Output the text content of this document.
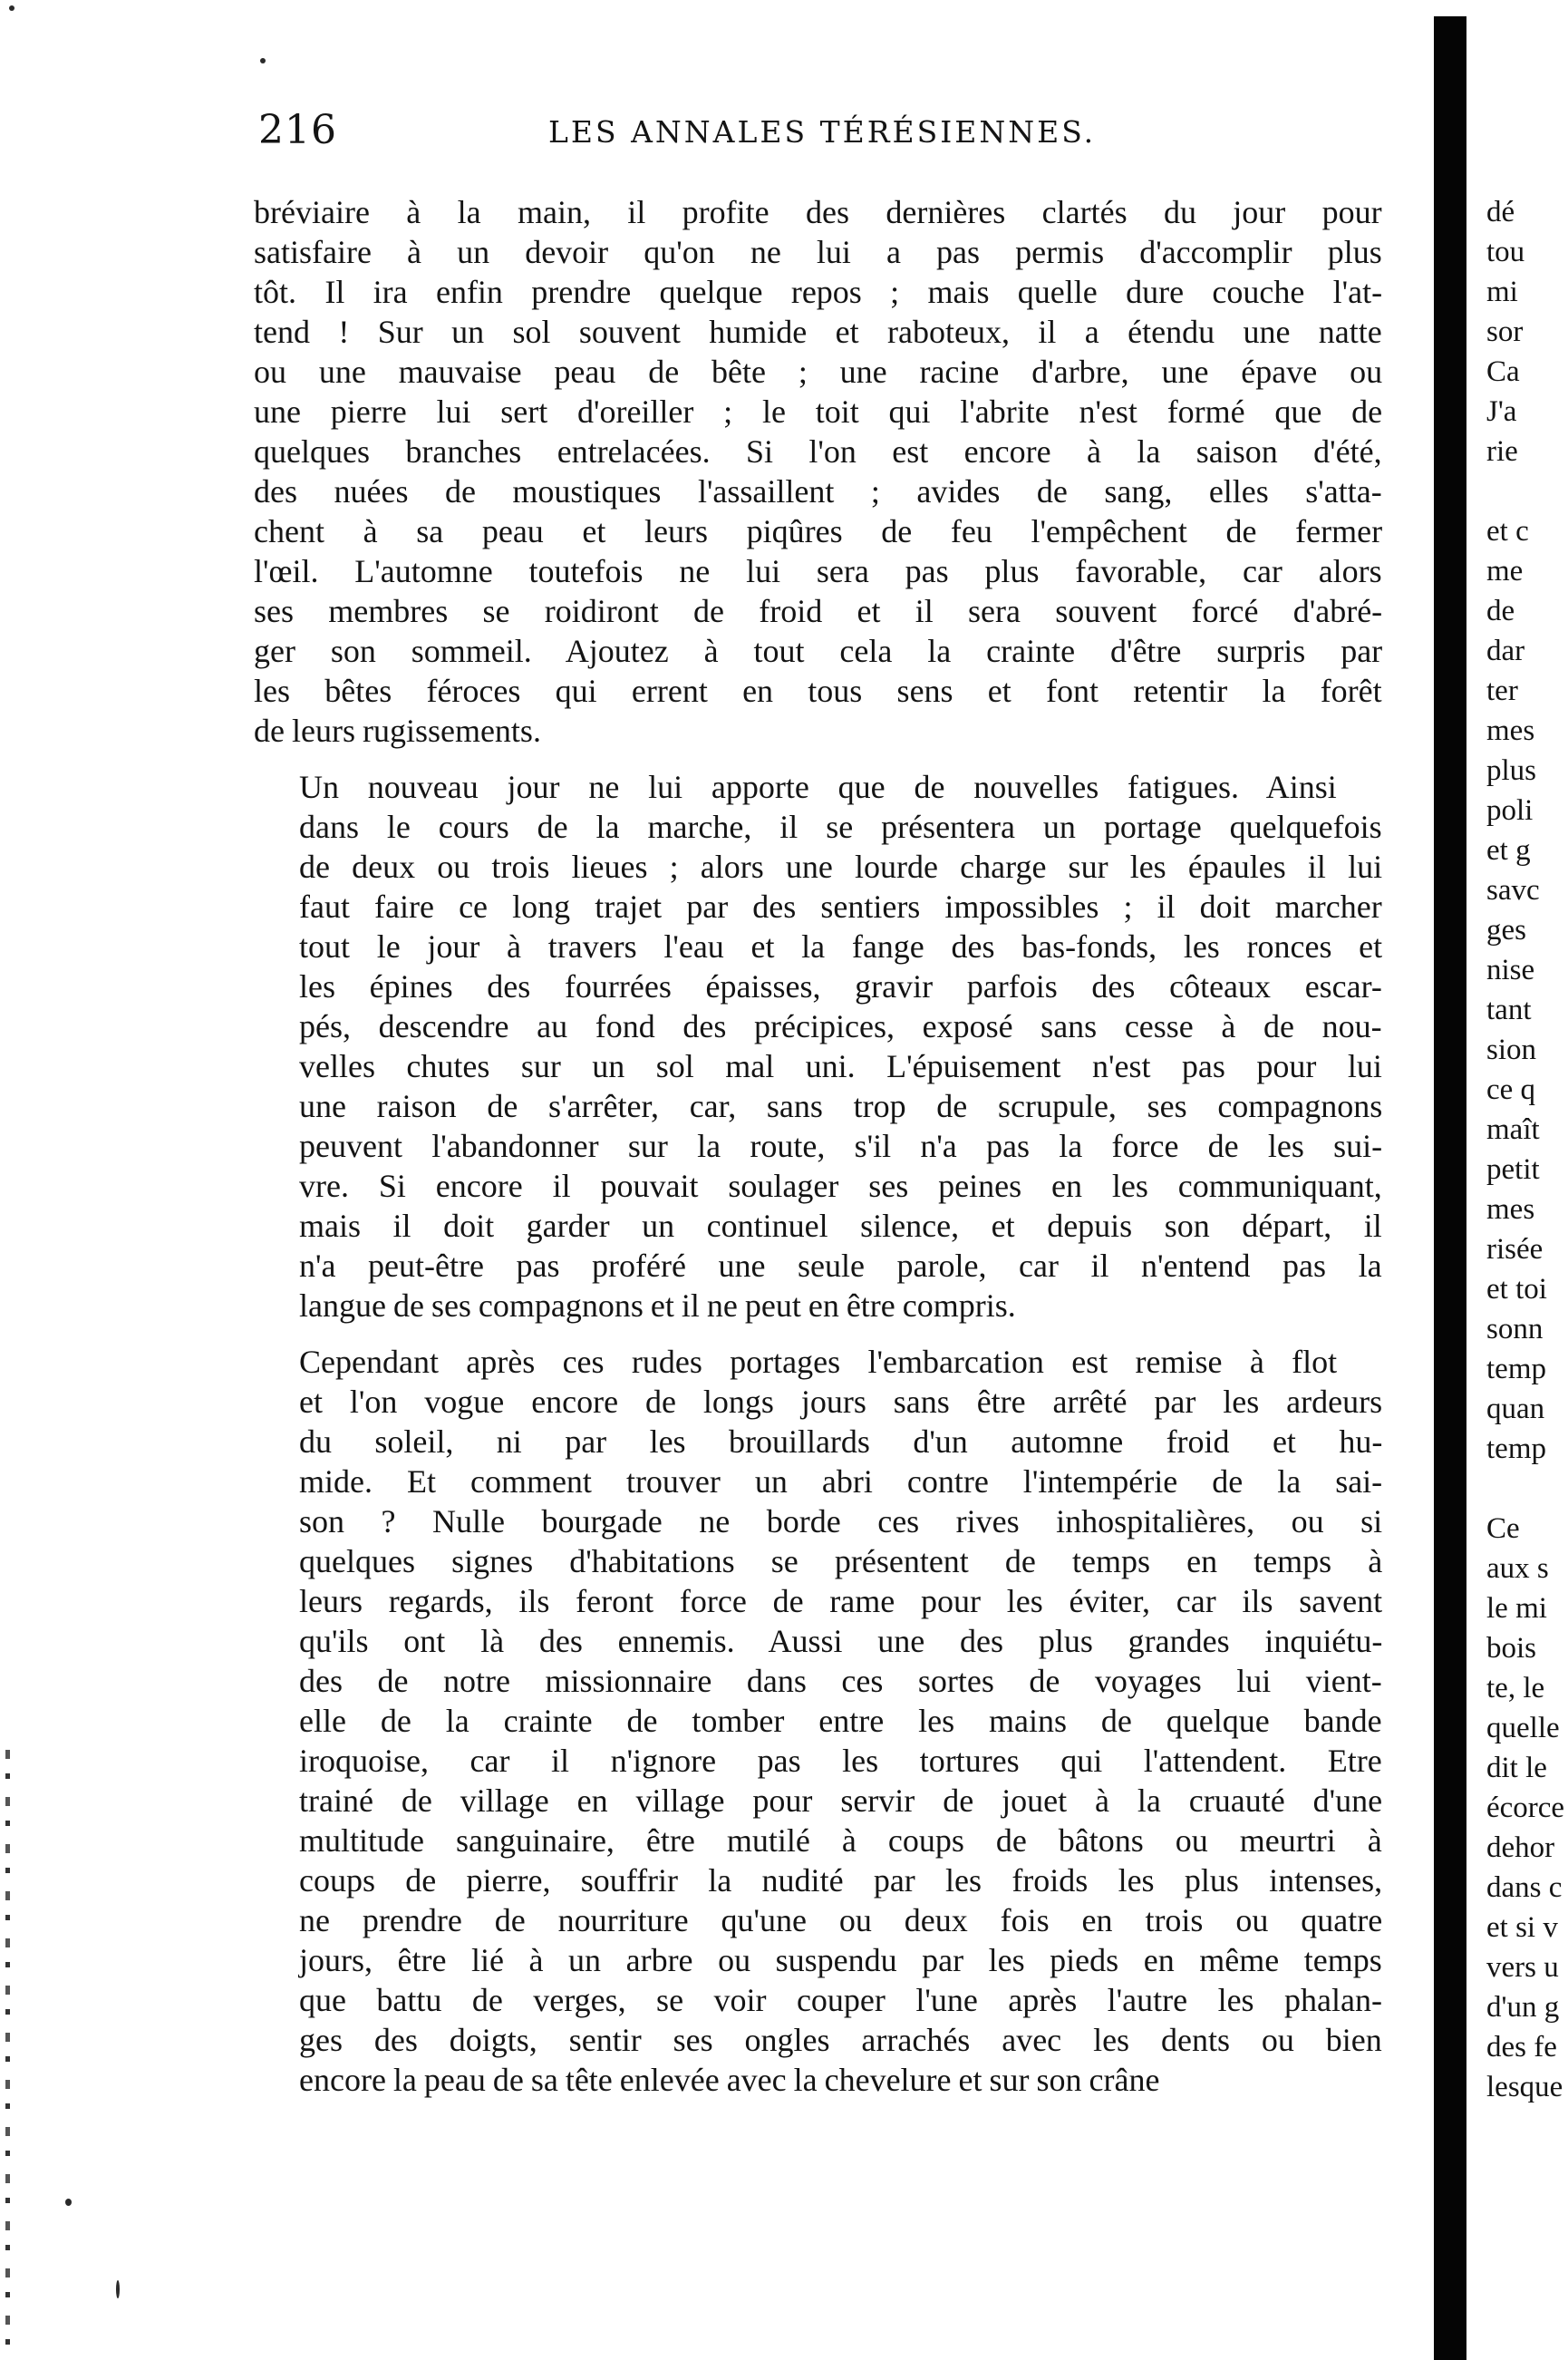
216	LES ANNALES TÉRÉSIENNES.

bréviaire à la main, il profite des dernières clartés du jour pour
satisfaire à un devoir qu'on ne lui a pas permis d'accomplir plus
tôt. Il ira enfin prendre quelque repos ; mais quelle dure couche l'at-
tend ! Sur un sol souvent humide et raboteux, il a étendu une natte
ou une mauvaise peau de bête ; une racine d'arbre, une épave ou
une pierre lui sert d'oreiller ; le toit qui l'abrite n'est formé que de
quelques branches entrelacées. Si l'on est encore à la saison d'été,
des nuées de moustiques l'assaillent ; avides de sang, elles s'atta-
chent à sa peau et leurs piqûres de feu l'empêchent de fermer
l'œil. L'automne toutefois ne lui sera pas plus favorable, car alors
ses membres se roidiront de froid et il sera souvent forcé d'abré-
ger son sommeil. Ajoutez à tout cela la crainte d'être surpris par
les bêtes féroces qui errent en tous sens et font retentir la forêt
de leurs rugissements.

Un nouveau jour ne lui apporte que de nouvelles fatigues. Ainsi
dans le cours de la marche, il se présentera un portage quelquefois
de deux ou trois lieues ; alors une lourde charge sur les épaules il lui
faut faire ce long trajet par des sentiers impossibles ; il doit marcher
tout le jour à travers l'eau et la fange des bas-fonds, les ronces et
les épines des fourrées épaisses, gravir parfois des côteaux escar-
pés, descendre au fond des précipices, exposé sans cesse à de nou-
velles chutes sur un sol mal uni. L'épuisement n'est pas pour lui
une raison de s'arrêter, car, sans trop de scrupule, ses compagnons
peuvent l'abandonner sur la route, s'il n'a pas la force de les sui-
vre. Si encore il pouvait soulager ses peines en les communiquant,
mais il doit garder un continuel silence, et depuis son départ, il
n'a peut-être pas proféré une seule parole, car il n'entend pas la
langue de ses compagnons et il ne peut en être compris.

Cependant après ces rudes portages l'embarcation est remise à flot
et l'on vogue encore de longs jours sans être arrêté par les ardeurs
du soleil, ni par les brouillards d'un automne froid et hu-
mide. Et comment trouver un abri contre l'intempérie de la sai-
son ? Nulle bourgade ne borde ces rives inhospitalières, ou si
quelques signes d'habitations se présentent de temps en temps à
leurs regards, ils feront force de rame pour les éviter, car ils savent
qu'ils ont là des ennemis. Aussi une des plus grandes inquiétu-
des de notre missionnaire dans ces sortes de voyages lui vient-
elle de la crainte de tomber entre les mains de quelque bande
iroquoise, car il n'ignore pas les tortures qui l'attendent. Etre
trainé de village en village pour servir de jouet à la cruauté d'une
multitude sanguinaire, être mutilé à coups de bâtons ou meurtri à
coups de pierre, souffrir la nudité par les froids les plus intenses,
ne prendre de nourriture qu'une ou deux fois en trois ou quatre
jours, être lié à un arbre ou suspendu par les pieds en même temps
que battu de verges, se voir couper l'une après l'autre les phalan-
ges des doigts, sentir ses ongles arrachés avec les dents ou bien
encore la peau de sa tête enlevée avec la chevelure et sur son crâne

dé
tou
mi
sor
Ca
J'a
rie
et c
me
de
dar
ter
mes
plus
poli
et g
savc
ges
nise
tant
sion
ce q
maît
petit
mes
risée
et toi
sonn
temp
quan
temp
Ce
aux s
le mi
bois
te, le
quelle
dit le
écorce
dehor
dans c
et si v
vers u
d'un g
des fe
lesque
